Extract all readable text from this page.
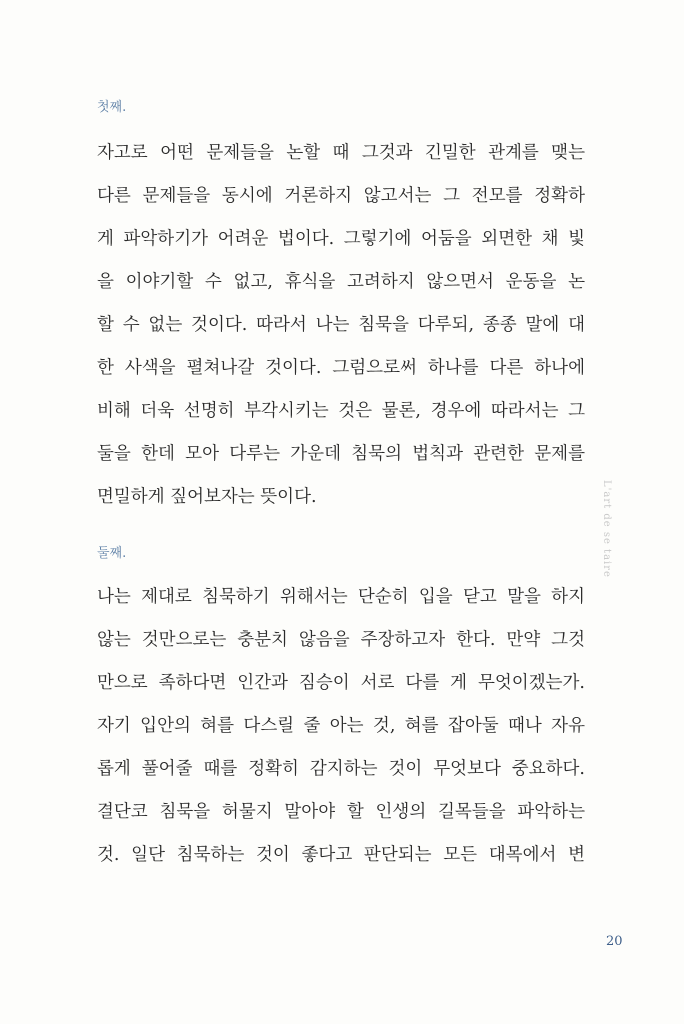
첫째.
자고로 어떤 문제들을 논할 때 그것과 긴밀한 관계를 맺는
다른 문제들을 동시에 거론하지 않고서는 그 전모를 정확하
게 파악하기가 어려운 법이다. 그렇기에 어둠을 외면한 채 빛
을 이야기할 수 없고, 휴식을 고려하지 않으면서 운동을 논
할 수 없는 것이다. 따라서 나는 침묵을 다루되, 종종 말에 대
한 사색을 펼쳐나갈 것이다. 그럼으로써 하나를 다른 하나에
비해 더욱 선명히 부각시키는 것은 물론, 경우에 따라서는 그
둘을 한데 모아 다루는 가운데 침묵의 법칙과 관련한 문제를
면밀하게 짚어보자는 뜻이다.
둘째.
나는 제대로 침묵하기 위해서는 단순히 입을 닫고 말을 하지
않는 것만으로는 충분치 않음을 주장하고자 한다. 만약 그것
만으로 족하다면 인간과 짐승이 서로 다를 게 무엇이겠는가.
자기 입안의 혀를 다스릴 줄 아는 것, 혀를 잡아둘 때나 자유
롭게 풀어줄 때를 정확히 감지하는 것이 무엇보다 중요하다.
결단코 침묵을 허물지 말아야 할 인생의 길목들을 파악하는
것. 일단 침묵하는 것이 좋다고 판단되는 모든 대목에서 변
L'art de se taire
20
